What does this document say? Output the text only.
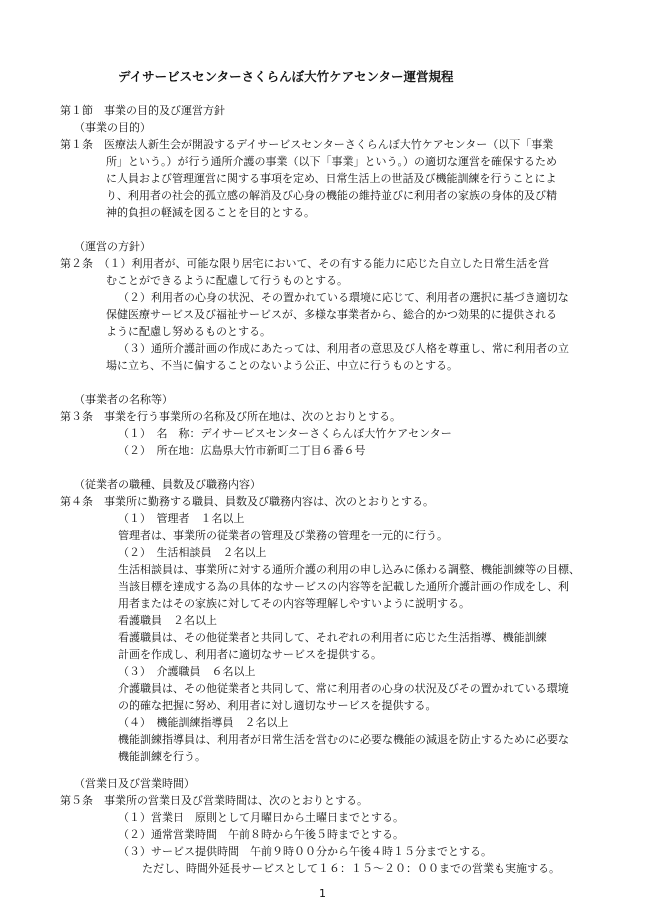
デイサービスセンターさくらんぼ大竹ケアセンター運営規程
第１節　事業の目的及び運営方針
（事業の目的）
第１条　医療法人新生会が開設するデイサービスセンターさくらんぼ大竹ケアセンター（以下「事業
所」という。）が行う通所介護の事業（以下「事業」という。）の適切な運営を確保するため
に人員および管理運営に関する事項を定め、日常生活上の世話及び機能訓練を行うことによ
り、利用者の社会的孤立感の解消及び心身の機能の維持並びに利用者の家族の身体的及び精
神的負担の軽減を図ることを目的とする。
（運営の方針）
第２条　（１）利用者が、可能な限り居宅において、その有する能力に応じた自立した日常生活を営
むことができるように配慮して行うものとする。
（２）利用者の心身の状況、その置かれている環境に応じて、利用者の選択に基づき適切な
保健医療サービス及び福祉サービスが、多様な事業者から、総合的かつ効果的に提供される
ように配慮し努めるものとする。
（３）通所介護計画の作成にあたっては、利用者の意思及び人格を尊重し、常に利用者の立
場に立ち、不当に偏することのないよう公正、中立に行うものとする。
（事業者の名称等）
第３条　事業を行う事業所の名称及び所在地は、次のとおりとする。
（１）　名　称：デイサービスセンターさくらんぼ大竹ケアセンター
（２）　所在地：広島県大竹市新町二丁目６番６号
（従業者の職種、員数及び職務内容）
第４条　事業所に勤務する職員、員数及び職務内容は、次のとおりとする。
（１）　管理者　１名以上
管理者は、事業所の従業者の管理及び業務の管理を一元的に行う。
（２）　生活相談員　２名以上
生活相談員は、事業所に対する通所介護の利用の申し込みに係わる調整、機能訓練等の目標、
当該目標を達成する為の具体的なサービスの内容等を記載した通所介護計画の作成をし、利
用者またはその家族に対してその内容等理解しやすいように説明する。
看護職員　２名以上
看護職員は、その他従業者と共同して、それぞれの利用者に応じた生活指導、機能訓練
計画を作成し、利用者に適切なサービスを提供する。
（３）　介護職員　６名以上
介護職員は、その他従業者と共同して、常に利用者の心身の状況及びその置かれている環境
の的確な把握に努め、利用者に対し適切なサービスを提供する。
（４）　機能訓練指導員　２名以上
機能訓練指導員は、利用者が日常生活を営むのに必要な機能の減退を防止するために必要な
機能訓練を行う。
（営業日及び営業時間）
第５条　事業所の営業日及び営業時間は、次のとおりとする。
（１）営業日　原則として月曜日から土曜日までとする。
（２）通常営業時間　午前８時から午後５時までとする。
（３）サービス提供時間　午前９時００分から午後４時１５分までとする。
ただし、時間外延長サービスとして１６：１５～２０：００までの営業も実施する。
1
